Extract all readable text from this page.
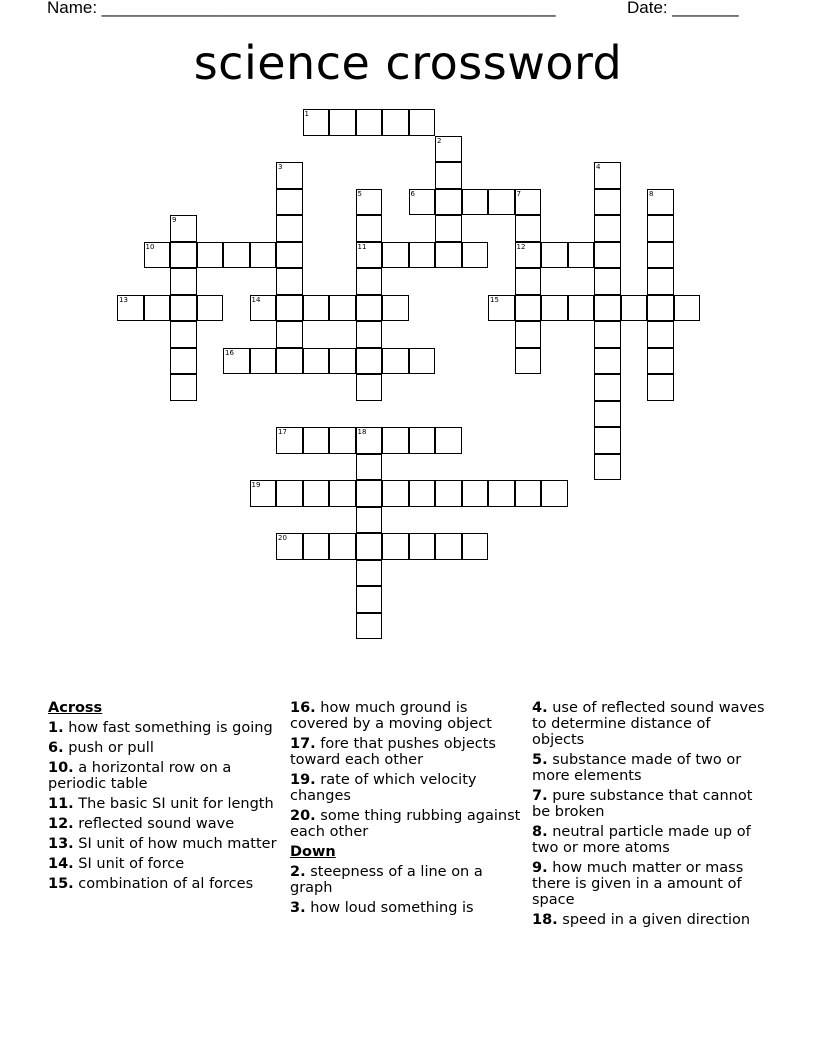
Name: ________________________________________________	Date: _______
science crossword
1
2
3	4
5
11
6	7
12
8
9
10
13	14	15
16
17	18
19
20
Across
1. how fast something is going
6. push or pull
10. a horizontal row on a periodic table
11. The basic SI unit for length
12. reflected sound wave
13. SI unit of how much matter
14. SI unit of force
15. combination of al forces
16. how much ground is covered by a moving object
17. fore that pushes objects toward each other
19. rate of which velocity changes
20. some thing rubbing against each other
Down
2. steepness of a line on a graph
3. how loud something is
4. use of reflected sound waves to determine distance of objects
5. substance made of two or more elements
7. pure substance that cannot be broken
8. neutral particle made up of two or more atoms
9. how much matter or mass there is given in a amount of space
18. speed in a given direction
